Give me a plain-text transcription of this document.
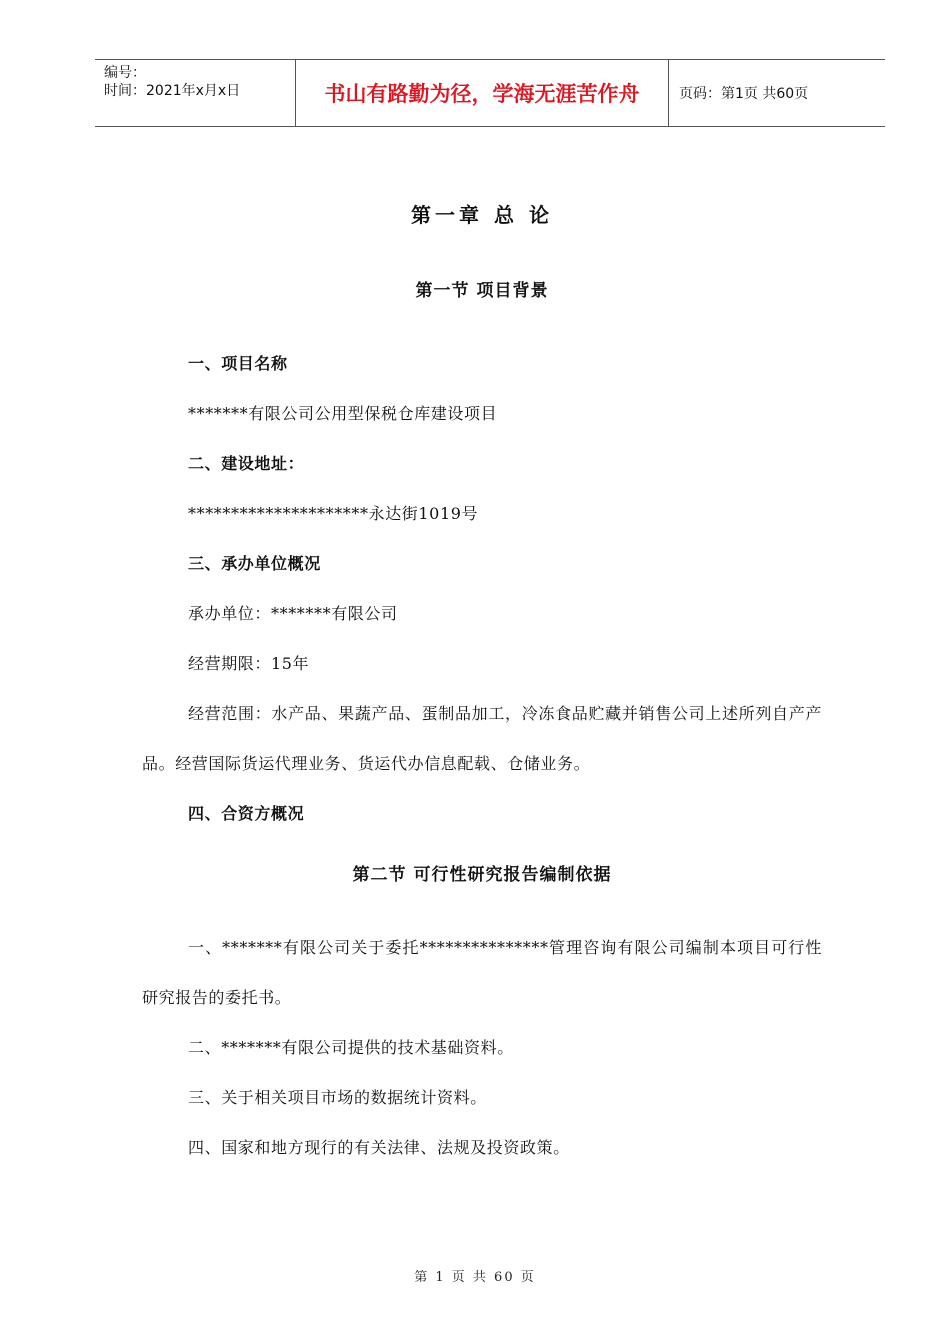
编号：
时间：2021年x月x日	书山有路勤为径，学海无涯苦作舟	页码：第1页 共60页
第一章 总 论
第一节 项目背景

一、项目名称

*******有限公司公用型保税仓库建设项目

二、建设地址：

*********************永达街1019号

三、承办单位概况

承办单位：*******有限公司

经营期限：15年

经营范围：水产品、果蔬产品、蛋制品加工，冷冻食品贮藏并销售公司上述所列自产产品。经营国际货运代理业务、货运代办信息配载、仓储业务。

四、合资方概况

第二节 可行性研究报告编制依据

一、*******有限公司关于委托***************管理咨询有限公司编制本项目可行性研究报告的委托书。

二、*******有限公司提供的技术基础资料。

三、关于相关项目市场的数据统计资料。

四、国家和地方现行的有关法律、法规及投资政策。

第 1 页 共 60 页
